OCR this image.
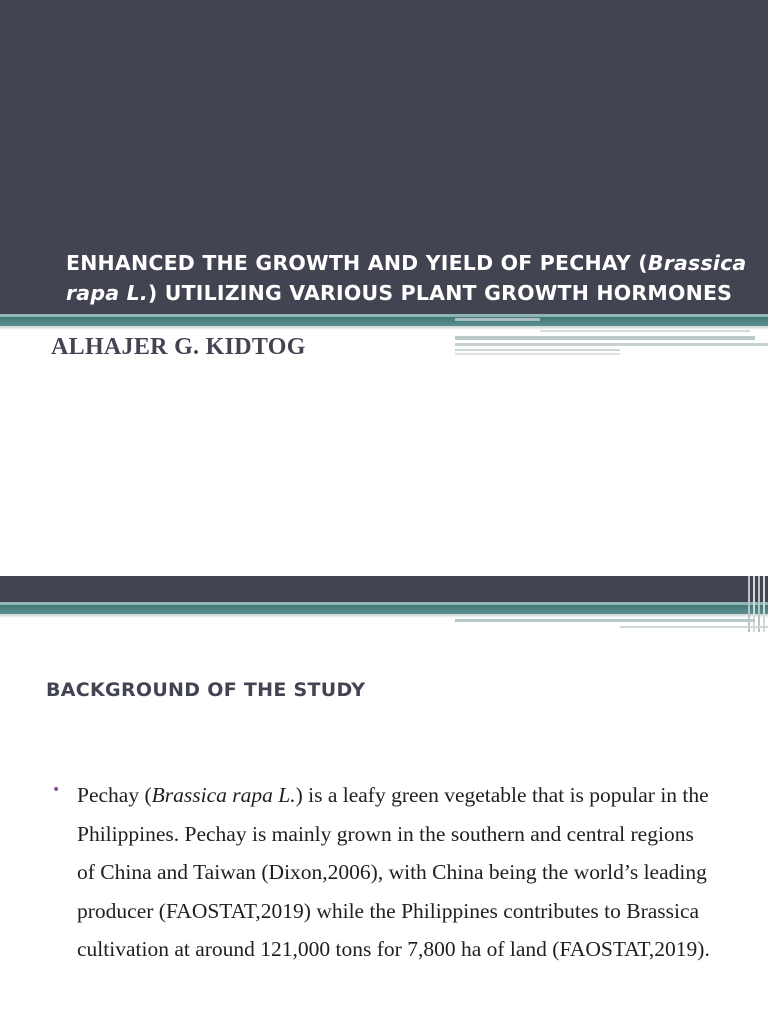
ENHANCED THE GROWTH AND YIELD OF PECHAY (Brassica rapa L.) UTILIZING VARIOUS PLANT GROWTH HORMONES
ALHAJER G. KIDTOG
BACKGROUND OF THE STUDY
• Pechay (Brassica rapa L.) is a leafy green vegetable that is popular in the Philippines. Pechay is mainly grown in the southern and central regions of China and Taiwan (Dixon,2006), with China being the world’s leading producer (FAOSTAT,2019) while the Philippines contributes to Brassica cultivation at around 121,000 tons for 7,800 ha of land (FAOSTAT,2019).
